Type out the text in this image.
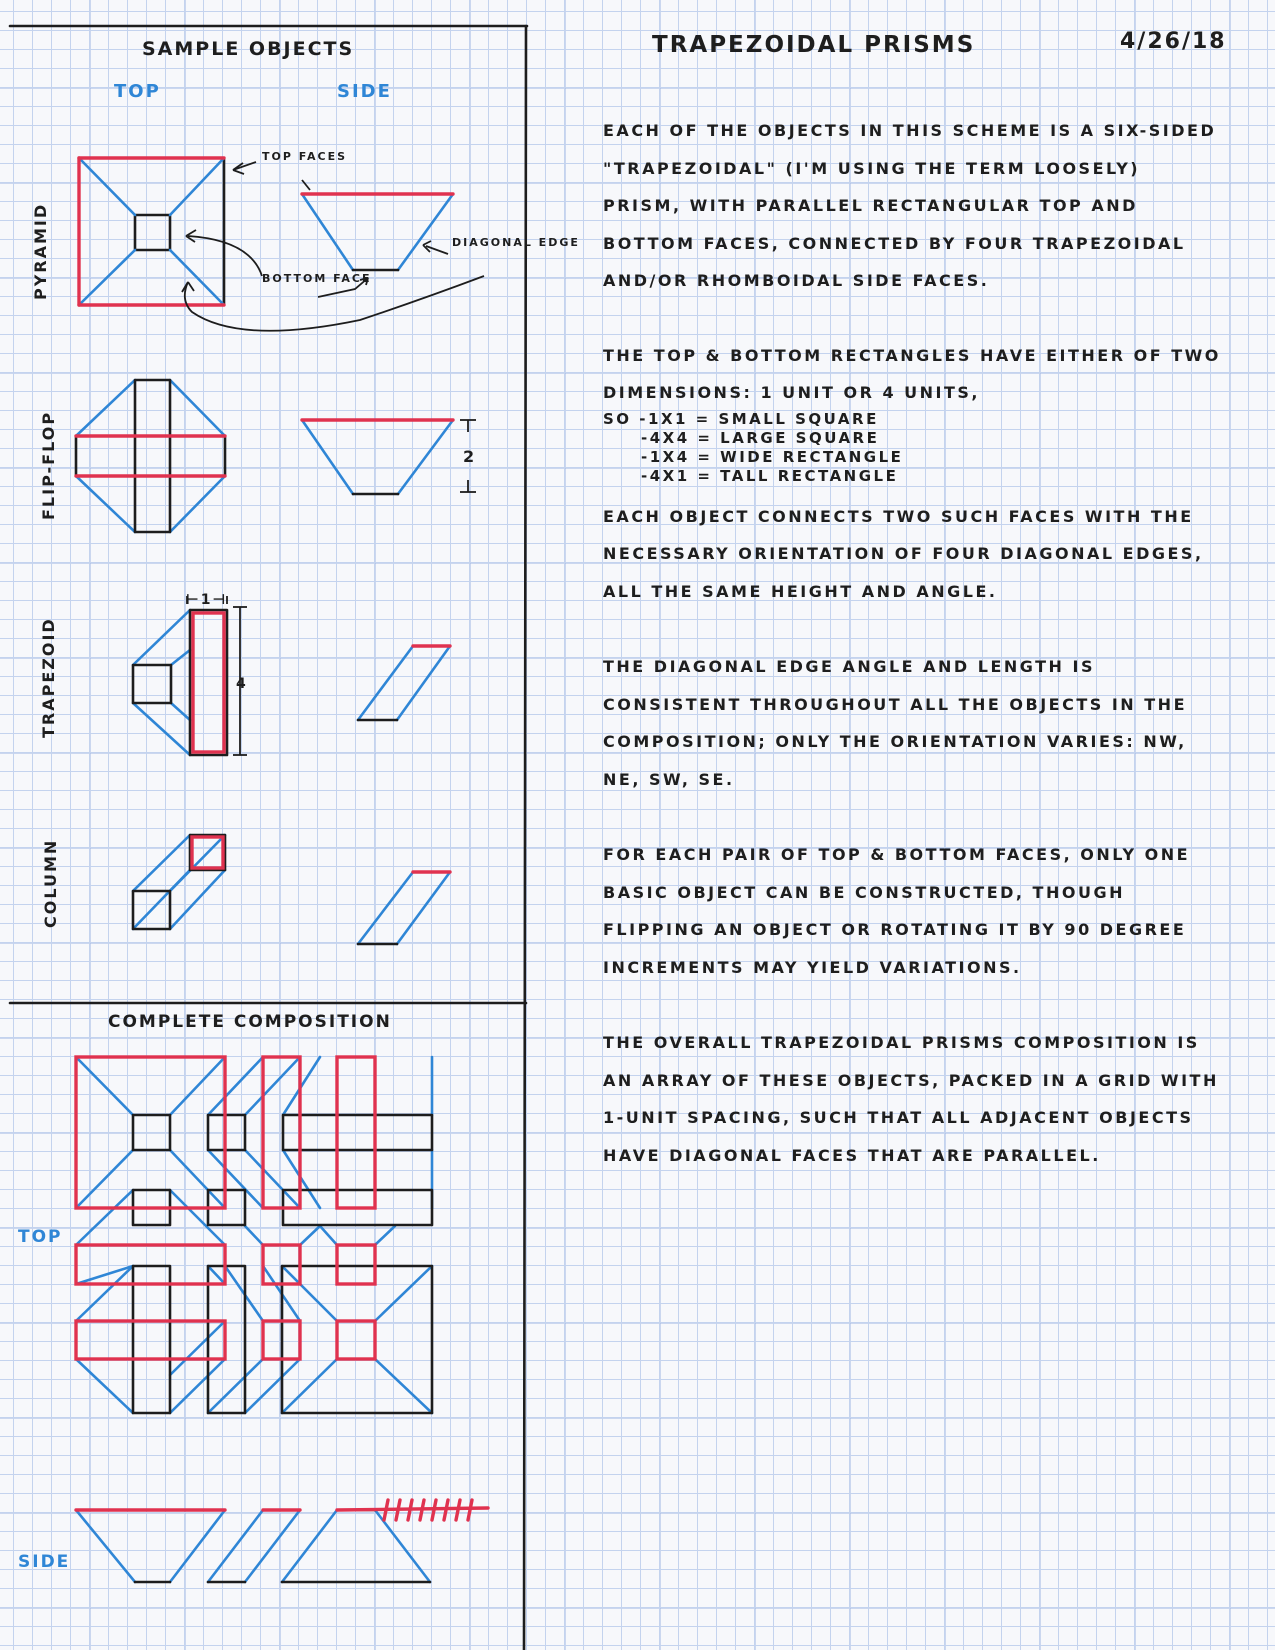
SAMPLE OBJECTS
TOP	SIDE
TRAPEZOIDAL PRISMS	4/26/18
PYRAMID
FLIP-FLOP
TRAPEZOID
COLUMN
TOP FACES
BOTTOM FACE
DIAGONAL EDGE
2
⊢1⊣
4
COMPLETE COMPOSITION
TOP
SIDE

EACH OF THE OBJECTS IN THIS SCHEME IS A SIX-SIDED "TRAPEZOIDAL" (I'M USING THE TERM LOOSELY) PRISM, WITH PARALLEL RECTANGULAR TOP AND BOTTOM FACES, CONNECTED BY FOUR TRAPEZOIDAL AND/OR RHOMBOIDAL SIDE FACES.

THE TOP & BOTTOM RECTANGLES HAVE EITHER OF TWO DIMENSIONS: 1 UNIT OR 4 UNITS,

SO -1X1 = SMALL SQUARE
-4X4 = LARGE SQUARE
-1X4 = WIDE RECTANGLE
-4X1 = TALL RECTANGLE

EACH OBJECT CONNECTS TWO SUCH FACES WITH THE NECESSARY ORIENTATION OF FOUR DIAGONAL EDGES, ALL THE SAME HEIGHT AND ANGLE.

THE DIAGONAL EDGE ANGLE AND LENGTH IS CONSISTENT THROUGHOUT ALL THE OBJECTS IN THE COMPOSITION; ONLY THE ORIENTATION VARIES: NW, NE, SW, SE.

FOR EACH PAIR OF TOP & BOTTOM FACES, ONLY ONE BASIC OBJECT CAN BE CONSTRUCTED, THOUGH FLIPPING AN OBJECT OR ROTATING IT BY 90 DEGREE INCREMENTS MAY YIELD VARIATIONS.

THE OVERALL TRAPEZOIDAL PRISMS COMPOSITION IS AN ARRAY OF THESE OBJECTS, PACKED IN A GRID WITH 1-UNIT SPACING, SUCH THAT ALL ADJACENT OBJECTS HAVE DIAGONAL FACES THAT ARE PARALLEL.
